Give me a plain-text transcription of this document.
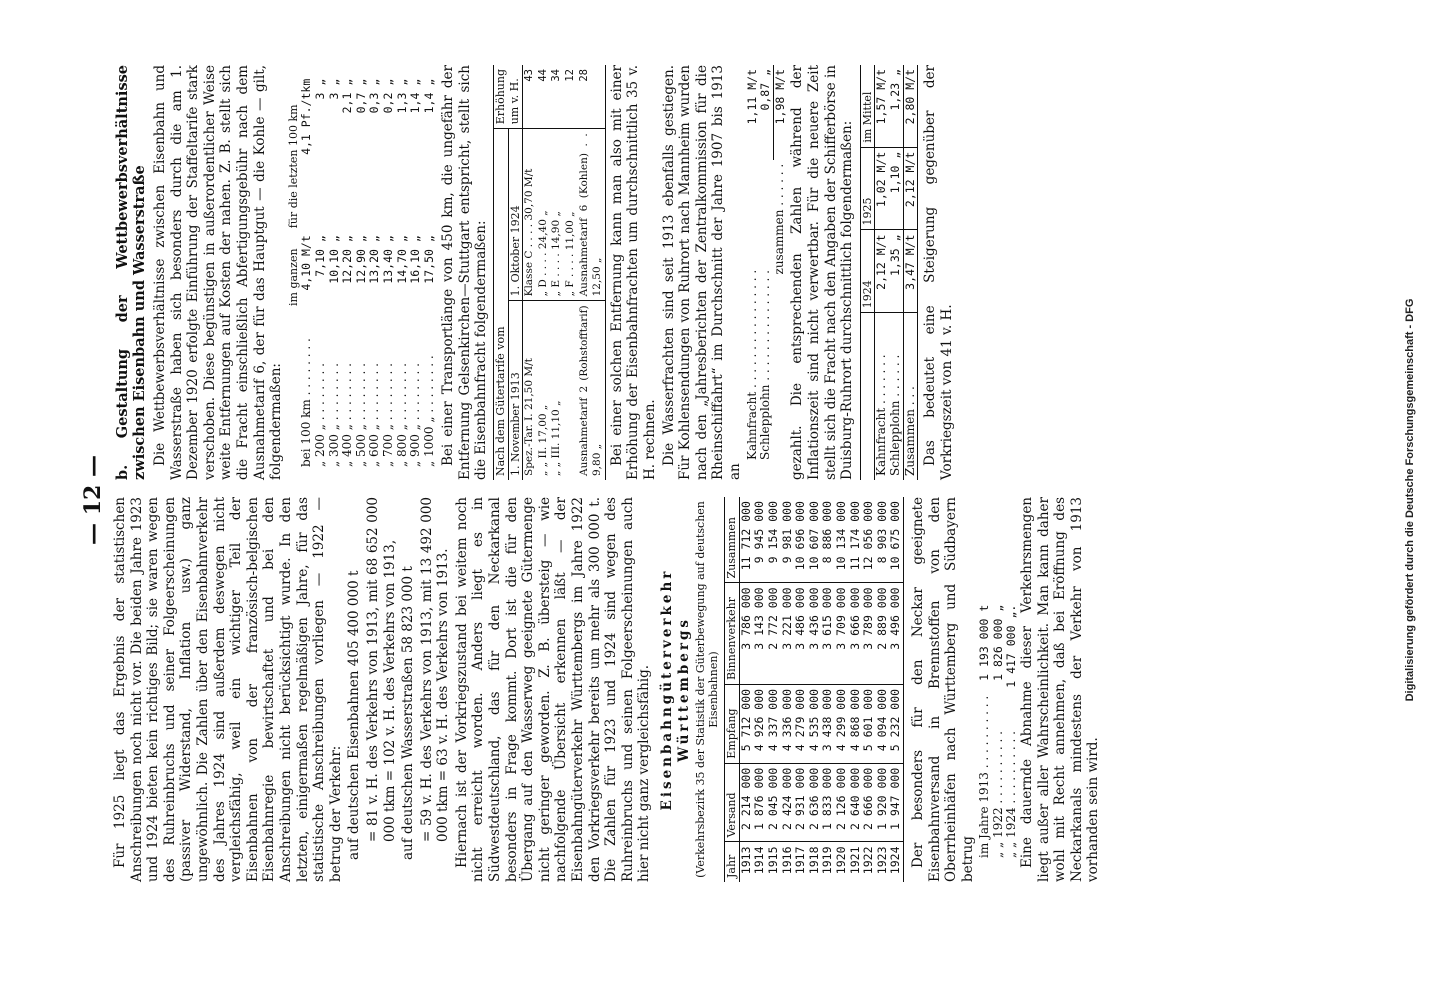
— 12 — Für 1925 liegt das Ergebnis der statistischen Anschreibungen noch nicht vor. Die beiden Jahre 1923 und 1924 bieten kein richtiges Bild; sie waren wegen des Ruhreinbruchs und seiner Folgeerscheinungen (passiver Widerstand, Inflation usw.) ganz ungewöhnlich. Die Zahlen über den Eisenbahnverkehr des Jahres 1924 sind außerdem deswegen nicht vergleichsfähig, weil ein wichtiger Teil der Eisenbahnen von der französisch-belgischen Eisenbahnregie bewirtschaftet und bei den Anschreibungen nicht berücksichtigt wurde. In den letzten, einigermaßen regelmäßigen Jahre, für das statistische Anschreibungen vorliegen — 1922 — betrug der Verkehr: auf deutschen Eisenbahnen 405 400 000 t = 81 v. H. des Verkehrs von 1913, mit 68 652 000 000 tkm = 102 v. H. des Verkehrs von 1913, auf deutschen Wasserstraßen 58 823 000 t = 59 v. H. des Verkehrs von 1913, mit 13 492 000 000 tkm = 63 v. H. des Verkehrs von 1913. Hiernach ist der Vorkriegszustand bei weitem noch nicht erreicht worden. Anders liegt es in Südwestdeutschland, das für den Neckarkanal besonders in Frage kommt. Dort ist die für den Übergang auf den Wasserweg geeignete Gütermenge nicht geringer geworden. Z. B. übersteig — wie nachfolgende Übersicht erkennen läßt — der Eisenbahngüterverkehr Württembergs im Jahre 1922 den Vorkriegsverkehr bereits um mehr als 300 000 t. Die Zahlen für 1923 und 1924 sind wegen des Ruhreinbruchs und seinen Folgeerscheinungen auch hier nicht ganz vergleichsfähig. Eisenbahngüterverkehr Württembergs (Verkehrsbezirk 35 der Statistik der Güterbewegung auf deutschen Eisenbahnen)
Jahr	Versand	Empfang	Binnenverkehr	Zusammen
1913	2 214 000	5 712 000	3 786 000	11 712 000
1914	1 876 000	4 926 000	3 143 000	9 945 000
1915	2 045 000	4 337 000	2 772 000	9 154 000
1916	2 424 000	4 336 000	3 221 000	9 981 000
1917	2 931 000	4 279 000	3 486 000	10 696 000
1918	2 636 000	4 535 000	3 436 000	10 607 000
1919	1 833 000	3 438 000	3 615 000	8 886 000
1920	2 126 000	4 299 000	3 709 000	10 134 000
1921	2 640 000	4 868 000	3 666 000	11 174 000
1922	2 666 000	5 601 000	3 789 000	12 056 000
1923	1 920 000	4 094 000	2 889 000	8 903 000
1924	1 947 000	5 232 000	3 496 000	10 675 000 Der besonders für den Neckar geeignete Eisenbahnversand in Brennstoffen von den Oberrheinhäfen nach Württemberg und Südbayern betrug

im Jahre 1913 . . . . . . . . . .	1 193 000 t
„ „ 1922 . . . . . . . . . .	1 826 000 „
„ „ 1924 . . . . . . . . . .	1 417 000 „. Eine dauernde Abnahme dieser Verkehrsmengen liegt außer aller Wahrscheinlichkeit. Man kann daher wohl mit Recht annehmen, daß bei Eröffnung des Neckarkanals mindestens der Verkehr von 1913 vorhanden sein wird.

b. Gestaltung der Wettbewerbsverhältnisse zwischen Eisenbahn und Wasserstraße Die Wettbewerbsverhältnisse zwischen Eisenbahn und Wasserstraße haben sich besonders durch die am 1. Dezember 1920 erfolgte Einführung der Staffeltarife stark verschoben. Diese begünstigen in außerordentlicher Weise weite Entfernungen auf Kosten der nahen. Z. B. stellt sich die Fracht einschließlich Abfertigungsgebühr nach dem Ausnahmetarif 6, der für das Hauptgut — die Kohle — gilt, folgendermaßen:

	im ganzen	für die letzten 100 km
bei 100 km . . . . . . . .	4,10 M/t	4,1 Pf./tkm
„ 200 „ . . . . . . . .	7,10 „	3 „
„ 300 „ . . . . . . . .	10,10 „	3 „
„ 400 „ . . . . . . . .	12,20 „	2,1 „
„ 500 „ . . . . . . . .	12,90 „	0,7 „
„ 600 „ . . . . . . . .	13,20 „	0,3 „
„ 700 „ . . . . . . . .	13,40 „	0,2 „
„ 800 „ . . . . . . . .	14,70 „	1,3 „
„ 900 „ . . . . . . . .	16,10 „	1,4 „
„ 1000 „ . . . . . . . .	17,50 „	1,4 „ Bei einer Transportlänge von 450 km, die ungefähr der Entfernung Gelsenkirchen—Stuttgart entspricht, stellt sich die Eisenbahnfracht folgendermaßen: Nach dem Gütertarife vom		Erhöhung um v. H.
1. November 1913	1. Oktober 1924	
Spez.-Tar. I. 21,50 M/t	Klasse C . . . . 30,70 M/t	43
„ „ II. 17,00 „	„ D . . . . 24,40 „	44
„ „ III. 11,10 „	„ E . . . . 14,90 „	34
	„ F . . . . 11,00 „	12
Ausnahmetarif 2 (Rohstofftarif) 9,80 „	Ausnahmetarif 6 (Kohlen) . . 12,50 „	28 Bei einer solchen Entfernung kann man also mit einer Erhöhung der Eisenbahnfrachten um durchschnittlich 35 v. H. rechnen. Die Wasserfrachten sind seit 1913 ebenfalls gestiegen. Für Kohlensendungen von Ruhrort nach Mannheim wurden nach den „Jahresberichten der Zentralkommission für die Rheinschiffahrt“ im Durchschnitt der Jahre 1907 bis 1913 an

Kahnfracht . . . . . . . . . . . . . . . .	1,11 M/t
Schlepplohn . . . . . . . . . . . . . . .	0,87 „
zusammen . . . . . .	1,98 M/t gezahlt. Die entsprechenden Zahlen während der Inflationszeit sind nicht verwertbar. Für die neuere Zeit stellt sich die Fracht nach den Angaben der Schifferbörse in Duisburg-Ruhrort durchschnittlich folgendermaßen:

	1924	1925	im Mittel
Kahnfracht . . . . . . .	2,12 M/t	1,02 M/t	1,57 M/t
Schlepplohn . . . . . .	1,35 „	1,10 „	1,23 „
Zusammen . . .	3,47 M/t	2,12 M/t	2,80 M/t Das bedeutet eine Steigerung gegenüber der Vorkriegszeit von 41 v. H.	Digitalisierung gefördert durch die Deutsche Forschungsgemeinschaft - DFG
